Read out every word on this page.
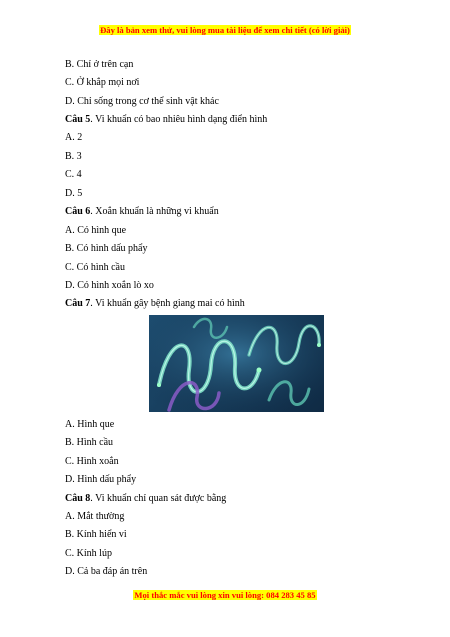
Đây là bản xem thử, vui lòng mua tài liệu để xem chi tiết (có lời giải)
B. Chỉ ở trên cạn
C. Ở khắp mọi nơi
D. Chỉ sống trong cơ thể sinh vật khác
Câu 5. Vi khuẩn có bao nhiêu hình dạng điển hình
A. 2
B. 3
C. 4
D. 5
Câu 6. Xoắn khuẩn là những vi khuẩn
A. Có hình que
B. Có hình dấu phẩy
C. Có hình cầu
D. Có hình xoắn lò xo
Câu 7. Vi khuẩn gây bệnh giang mai có hình
A. Hình que
B. Hình cầu
C. Hình xoắn
D. Hình dấu phẩy
Câu 8. Vi khuẩn chỉ quan sát được bằng
A. Mắt thường
B. Kính hiển vi
C. Kính lúp
D. Cả ba đáp án trên
Mọi thắc mắc vui lòng xin vui lòng: 084 283 45 85
